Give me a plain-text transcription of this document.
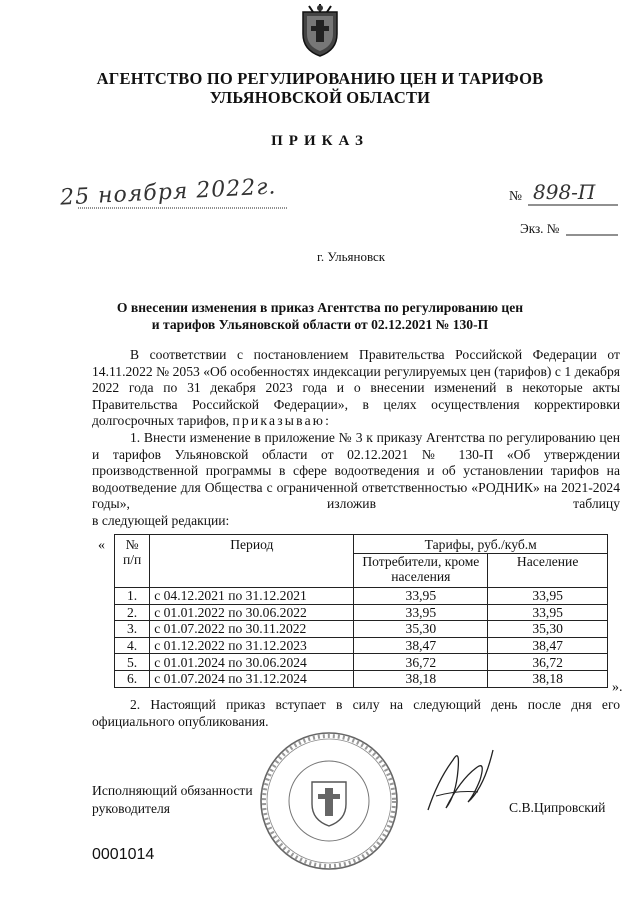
АГЕНТСТВО ПО РЕГУЛИРОВАНИЮ ЦЕН И ТАРИФОВ
УЛЬЯНОВСКОЙ ОБЛАСТИ
ПРИКАЗ
25 ноября 2022г.	№ 898-П
Экз. №
г. Ульяновск
О внесении изменения в приказ Агентства по регулированию цен
и тарифов Ульяновской области от 02.12.2021 № 130-П

В соответствии с постановлением Правительства Российской Федерации от 14.11.2022 № 2053 «Об особенностях индексации регулируемых цен (тарифов) с 1 декабря 2022 года по 31 декабря 2023 года и о внесении изменений в некоторые акты Правительства Российской Федерации», в целях осуществления корректировки долгосрочных тарифов, приказываю:

1. Внести изменение в приложение № 3 к приказу Агентства по регулированию цен и тарифов Ульяновской области от 02.12.2021 № 130-П «Об утверждении производственной программы в сфере водоотведения и об установлении тарифов на водоотведение для Общества с ограниченной ответственностью «РОДНИК» на 2021-2024 годы», изложив таблицу

в следующей редакции:

« № п/п	Период	Тарифы, руб./куб.м	
		Потребители, кроме населения	Население
1.	с 04.12.2021 по 31.12.2021	33,95	33,95
2.	с 01.01.2022 по 30.06.2022	33,95	33,95
3.	с 01.07.2022 по 30.11.2022	35,30	35,30
4.	с 01.12.2022 по 31.12.2023	38,47	38,47
5.	с 01.01.2024 по 30.06.2024	36,72	36,72
6.	с 01.07.2024 по 31.12.2024	38,18	38,18
».

2. Настоящий приказ вступает в силу на следующий день после дня его официального опубликования.

Исполняющий обязанности
руководителя	С.В.Ципровский
0001014
